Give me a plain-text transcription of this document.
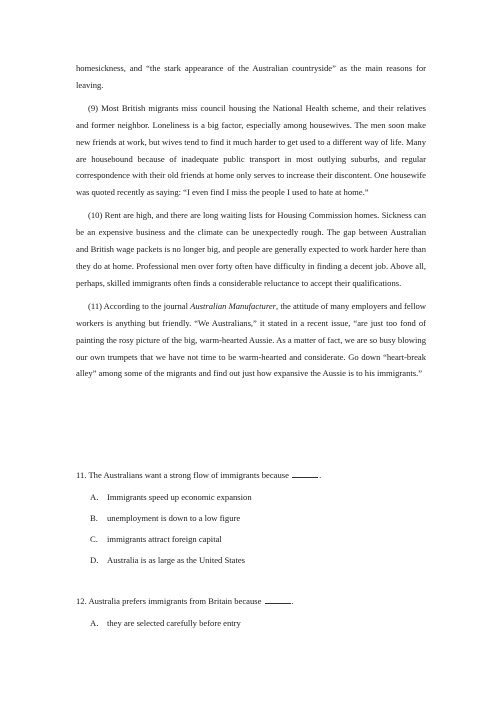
homesickness, and “the stark appearance of the Australian countryside” as the main reasons for leaving.

(9) Most British migrants miss council housing the National Health scheme, and their relatives and former neighbor. Loneliness is a big factor, especially among housewives. The men soon make new friends at work, but wives tend to find it much harder to get used to a different way of life. Many are housebound because of inadequate public transport in most outlying suburbs, and regular correspondence with their old friends at home only serves to increase their discontent. One housewife was quoted recently as saying: “I even find I miss the people I used to hate at home.”

(10) Rent are high, and there are long waiting lists for Housing Commission homes. Sickness can be an expensive business and the climate can be unexpectedly rough. The gap between Australian and British wage packets is no longer big, and people are generally expected to work harder here than they do at home. Professional men over forty often have difficulty in finding a decent job. Above all, perhaps, skilled immigrants often finds a considerable reluctance to accept their qualifications.

(11) According to the journal Australian Manufacturer, the attitude of many employers and fellow workers is anything but friendly. “We Australians,” it stated in a recent issue, “are just too fond of painting the rosy picture of the big, warm-hearted Aussie. As a matter of fact, we are so busy blowing our own trumpets that we have not time to be warm-hearted and considerate. Go down “heart-break alley” among some of the migrants and find out just how expansive the Aussie is to his immigrants.”

11. The Australians want a strong flow of immigrants because	.

A.	Immigrants speed up economic expansion
B.	unemployment is down to a low figure
C.	immigrants attract foreign capital
D.	Australia is as large as the United States

12. Australia prefers immigrants from Britain because	.

A.	they are selected carefully before entry
